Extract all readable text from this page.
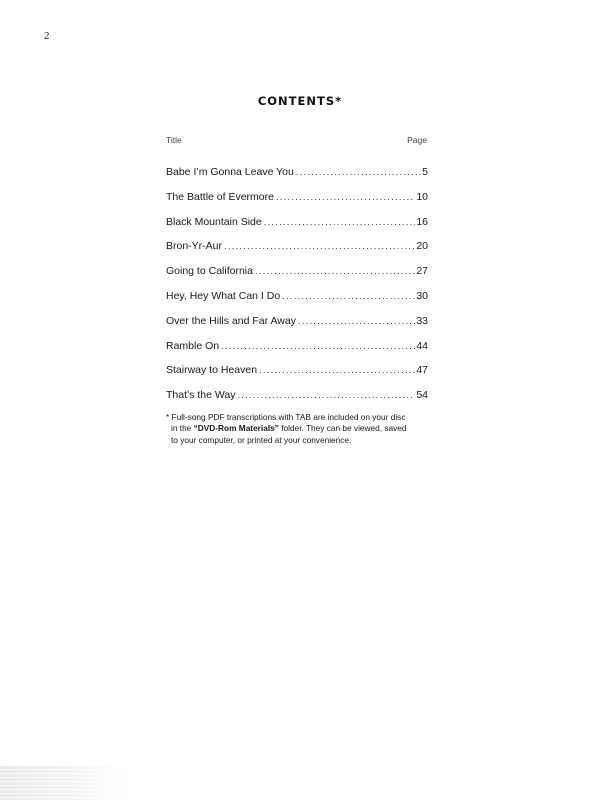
2
CONTENTS*
Title	Page
Babe I’m Gonna Leave You .....	5
The Battle of Evermore .....	10
Black Mountain Side .....	16
Bron-Yr-Aur .....	20
Going to California .....	27
Hey, Hey What Can I Do .....	30
Over the Hills and Far Away .....	33
Ramble On .....	44
Stairway to Heaven .....	47
That’s the Way .....	54
* Full-song PDF transcriptions with TAB are included on your disc
in the “DVD-Rom Materials” folder. They can be viewed, saved
to your computer, or printed at your convenience.
